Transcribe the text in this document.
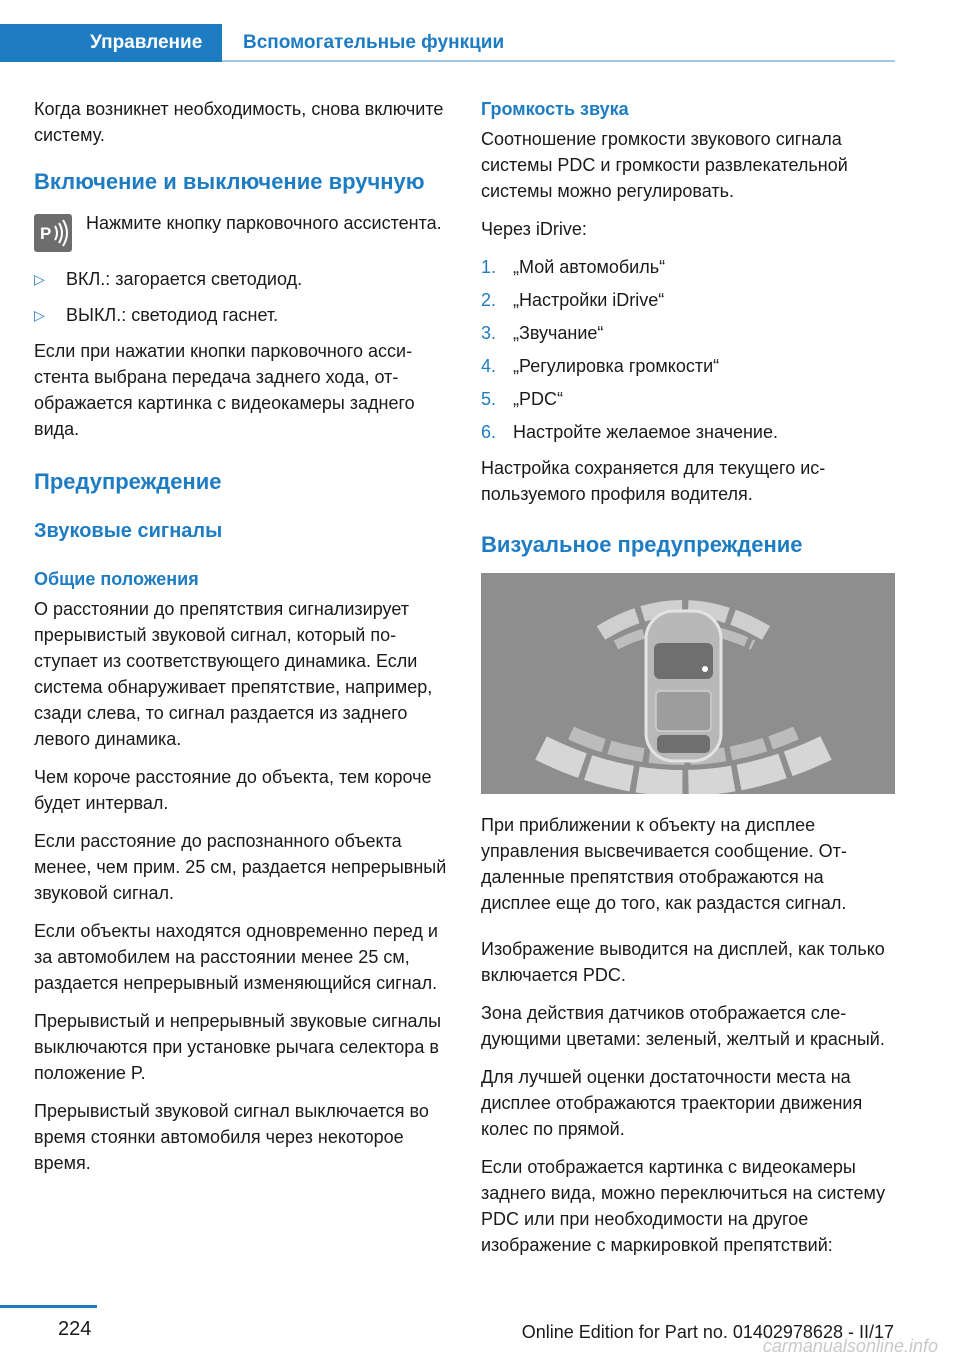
Управление	Вспомогательные функции

Когда возникнет необходимость, снова включите систему.

Включение и выключение вручную
P
Нажмите кнопку парковочного ассистента.
▷	ВКЛ.: загорается светодиод.
▷	ВЫКЛ.: светодиод гаснет.

Если при нажатии кнопки парковочного ассистента выбрана передача заднего хода, отображается картинка с видеокамеры заднего вида.

Предупреждение
Звуковые сигналы
Общие положения

О расстоянии до препятствия сигнализирует прерывистый звуковой сигнал, который поступает из соответствующего динамика. Если система обнаруживает препятствие, например, сзади слева, то сигнал раздается из заднего левого динамика.

Чем короче расстояние до объекта, тем короче будет интервал.

Если расстояние до распознанного объекта менее, чем прим. 25 см, раздается непрерывный звуковой сигнал.

Если объекты находятся одновременно перед и за автомобилем на расстоянии менее 25 см, раздается непрерывный изменяющийся сигнал.

Прерывистый и непрерывный звуковые сигналы выключаются при установке рычага селектора в положение P.

Прерывистый звуковой сигнал выключается во время стоянки автомобиля через некоторое время.

Громкость звука

Соотношение громкости звукового сигнала системы PDC и громкости развлекательной системы можно регулировать.

Через iDrive:

1. „Мой автомобиль“
2. „Настройки iDrive“
3. „Звучание“
4. „Регулировка громкости“
5. „PDC“
6. Настройте желаемое значение.

Настройка сохраняется для текущего используемого профиля водителя.

Визуальное предупреждение

При приближении к объекту на дисплее управления высвечивается сообщение. Отдаленные препятствия отображаются на дисплее еще до того, как раздастся сигнал.

Изображение выводится на дисплей, как только включается PDC.

Зона действия датчиков отображается следующими цветами: зеленый, желтый и красный.

Для лучшей оценки достаточности места на дисплее отображаются траектории движения колес по прямой.

Если отображается картинка с видеокамеры заднего вида, можно переключиться на систему PDC или при необходимости на другое изображение с маркировкой препятствий:

224	Online Edition for Part no. 01402978628 - II/17
carmanualsonline.info
